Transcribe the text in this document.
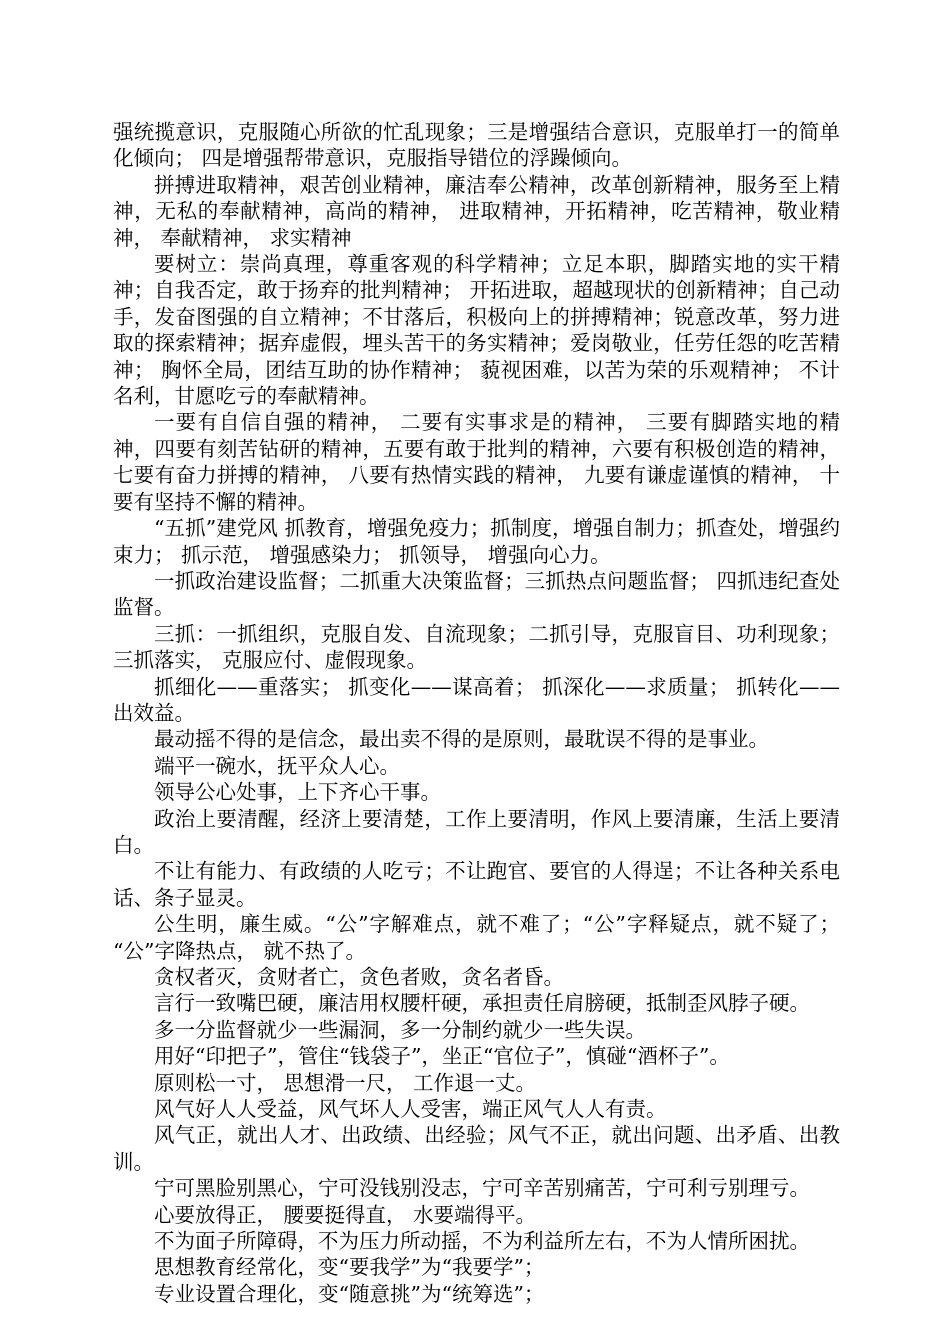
强统揽意识，克服随心所欲的忙乱现象；三是增强结合意识，克服单打一的简单化倾向； 四是增强帮带意识，克服指导错位的浮躁倾向。

拼搏进取精神，艰苦创业精神，廉洁奉公精神，改革创新精神，服务至上精神，无私的奉献精神，高尚的精神， 进取精神，开拓精神，吃苦精神，敬业精神， 奉献精神， 求实精神

要树立：崇尚真理，尊重客观的科学精神；立足本职，脚踏实地的实干精神；自我否定，敢于扬弃的批判精神； 开拓进取，超越现状的创新精神；自己动手，发奋图强的自立精神；不甘落后，积极向上的拼搏精神；锐意改革，努力进取的探索精神；据弃虚假，埋头苦干的务实精神；爱岗敬业，任劳任怨的吃苦精神； 胸怀全局，团结互助的协作精神； 藐视困难，以苦为荣的乐观精神； 不计名利，甘愿吃亏的奉献精神。

一要有自信自强的精神， 二要有实事求是的精神， 三要有脚踏实地的精神，四要有刻苦钻研的精神，五要有敢于批判的精神，六要有积极创造的精神， 七要有奋力拼搏的精神， 八要有热情实践的精神， 九要有谦虚谨慎的精神， 十要有坚持不懈的精神。

“五抓”建党风 抓教育，增强免疫力；抓制度，增强自制力；抓查处，增强约束力； 抓示范， 增强感染力； 抓领导， 增强向心力。

一抓政治建设监督；二抓重大决策监督；三抓热点问题监督； 四抓违纪查处监督。

三抓：一抓组织，克服自发、自流现象；二抓引导，克服盲目、功利现象；三抓落实， 克服应付、虚假现象。

抓细化——重落实； 抓变化——谋高着； 抓深化——求质量； 抓转化——出效益。

最动摇不得的是信念，最出卖不得的是原则，最耽误不得的是事业。

端平一碗水，抚平众人心。

领导公心处事，上下齐心干事。

政治上要清醒，经济上要清楚，工作上要清明，作风上要清廉，生活上要清白。

不让有能力、有政绩的人吃亏；不让跑官、要官的人得逞；不让各种关系电话、条子显灵。

公生明，廉生威。“公”字解难点，就不难了；“公”字释疑点，就不疑了； “公”字降热点， 就不热了。

贪权者灭，贪财者亡，贪色者败，贪名者昏。

言行一致嘴巴硬，廉洁用权腰杆硬，承担责任肩膀硬，抵制歪风脖子硬。

多一分监督就少一些漏洞，多一分制约就少一些失误。

用好“印把子”，管住“钱袋子”，坐正“官位子”，慎碰“酒杯子”。

原则松一寸， 思想滑一尺， 工作退一丈。

风气好人人受益，风气坏人人受害，端正风气人人有责。

风气正，就出人才、出政绩、出经验；风气不正，就出问题、出矛盾、出教训。

宁可黑脸别黑心，宁可没钱别没志，宁可辛苦别痛苦，宁可利亏别理亏。

心要放得正， 腰要挺得直， 水要端得平。

不为面子所障碍，不为压力所动摇，不为利益所左右，不为人情所困扰。

思想教育经常化，变“要我学”为“我要学”；

专业设置合理化，变“随意挑”为“统筹选”；
